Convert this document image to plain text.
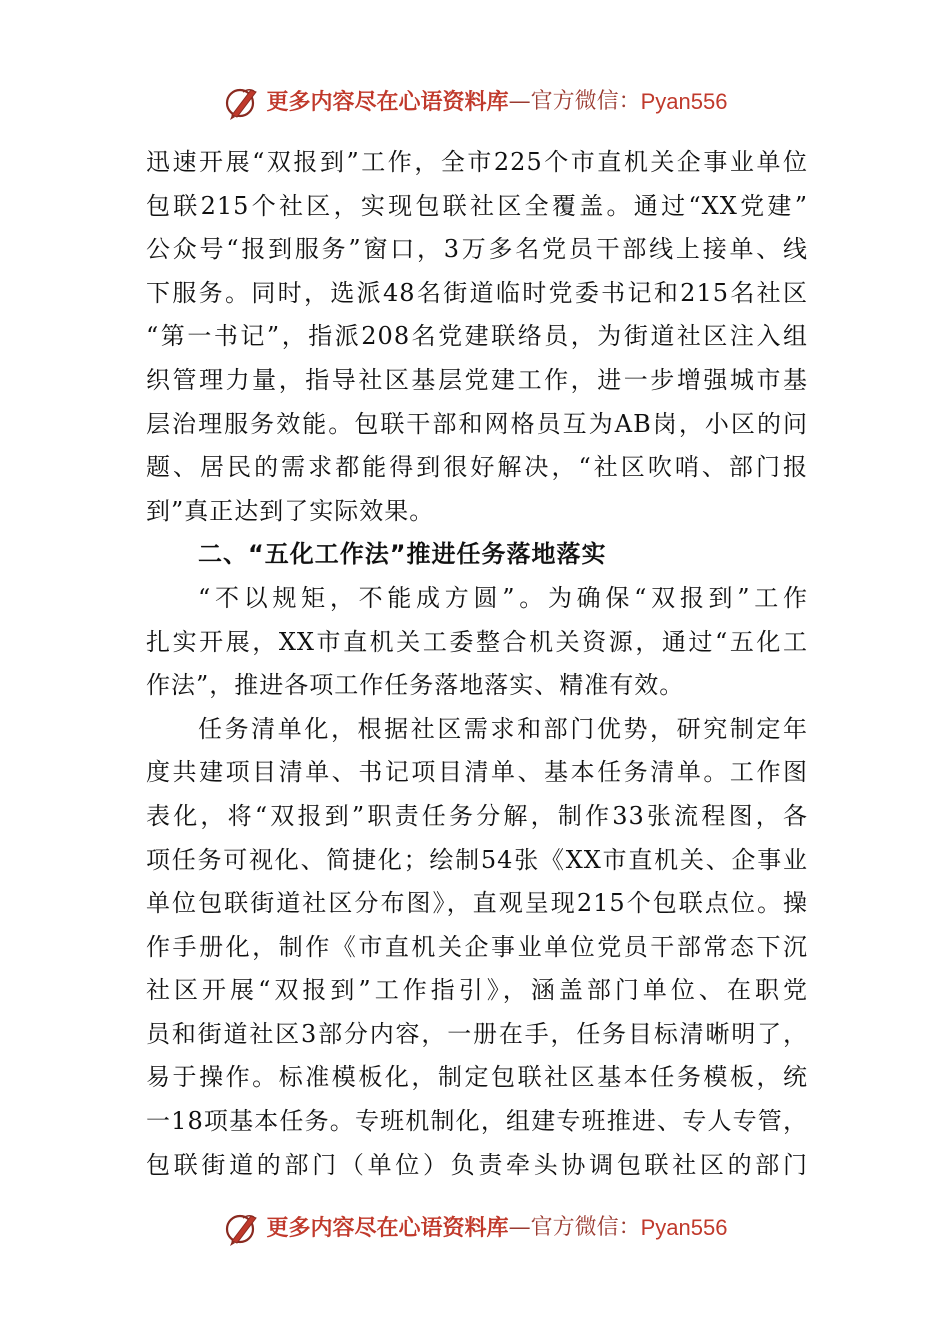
更多内容尽在心语资料库—官方微信：Pyan556
迅速开展“双报到”工作，全市225个市直机关企事业单位
包联215个社区，实现包联社区全覆盖。通过“XX党建”
公众号“报到服务”窗口，3万多名党员干部线上接单、线
下服务。同时，选派48名街道临时党委书记和215名社区
“第一书记”，指派208名党建联络员，为街道社区注入组
织管理力量，指导社区基层党建工作，进一步增强城市基
层治理服务效能。包联干部和网格员互为AB岗，小区的问
题、居民的需求都能得到很好解决，“社区吹哨、部门报
到”真正达到了实际效果。
二、“五化工作法”推进任务落地落实
“不以规矩，不能成方圆”。为确保“双报到”工作
扎实开展，XX市直机关工委整合机关资源，通过“五化工
作法”，推进各项工作任务落地落实、精准有效。
任务清单化，根据社区需求和部门优势，研究制定年
度共建项目清单、书记项目清单、基本任务清单。工作图
表化，将“双报到”职责任务分解，制作33张流程图，各
项任务可视化、简捷化；绘制54张《XX市直机关、企事业
单位包联街道社区分布图》，直观呈现215个包联点位。操
作手册化，制作《市直机关企事业单位党员干部常态下沉
社区开展“双报到”工作指引》，涵盖部门单位、在职党
员和街道社区3部分内容，一册在手，任务目标清晰明了，
易于操作。标准模板化，制定包联社区基本任务模板，统
一18项基本任务。专班机制化，组建专班推进、专人专管，
包联街道的部门（单位）负责牵头协调包联社区的部门
更多内容尽在心语资料库—官方微信：Pyan556
